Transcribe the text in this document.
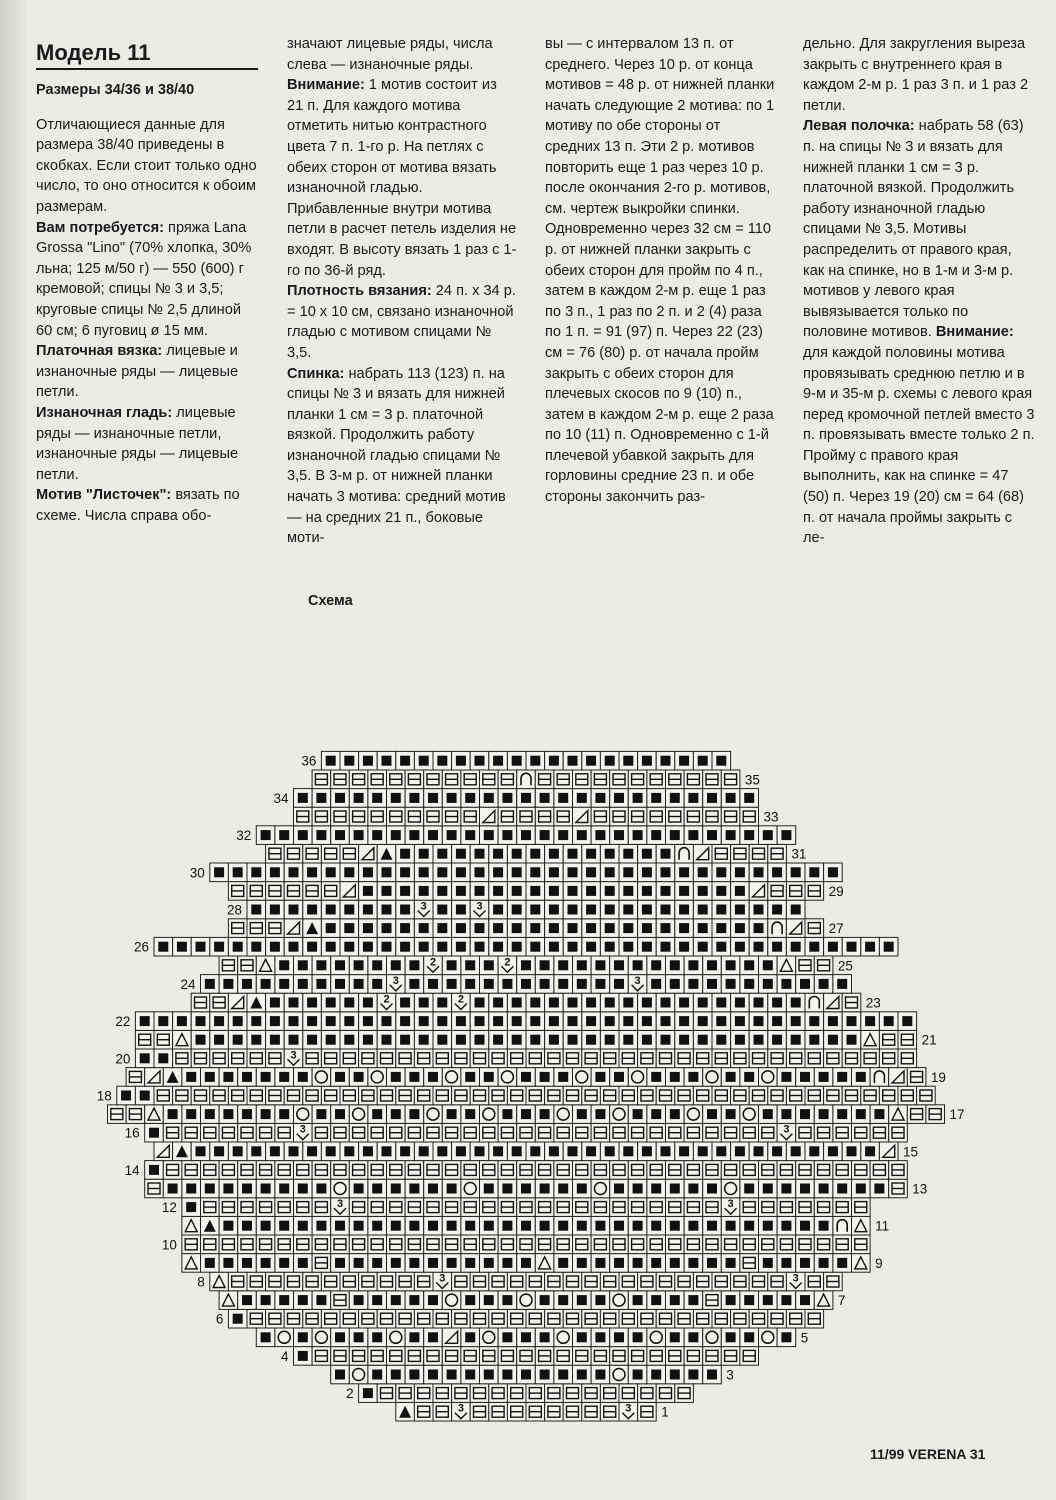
Модель 11
Размеры 34/36 и 38/40

Отличающиеся данные для размера 38/40 приведены в скобках. Если стоит только одно число, то оно относится к обоим размерам.

Вам потребуется: пряжа Lana Grossa "Lino" (70% хлопка, 30% льна; 125 м/50 г) — 550 (600) г кремовой; спицы № 3 и 3,5; круговые спицы № 2,5 длиной 60 см; 6 пуговиц ø 15 мм.

Платочная вязка: лицевые и изнаночные ряды — лицевые петли.

Изнаночная гладь: лицевые ряды — изнаночные петли, изнаночные ряды — лицевые петли.

Мотив "Листочек": вязать по схеме. Числа справа обо-

значают лицевые ряды, числа слева — изнаночные ряды.

Внимание: 1 мотив состоит из 21 п. Для каждого мотива отметить нитью контрастного цвета 7 п. 1-го р. На петлях с обеих сторон от мотива вязать изнаночной гладью. Прибавленные внутри мотива петли в расчет петель изделия не входят. В высоту вязать 1 раз с 1-го по 36-й ряд.

Плотность вязания: 24 п. х 34 р. = 10 х 10 см, связано изнаночной гладью с мотивом спицами № 3,5.

Спинка: набрать 113 (123) п. на спицы № 3 и вязать для нижней планки 1 см = 3 р. платочной вязкой. Продолжить работу изнаночной гладью спицами № 3,5. В 3-м р. от нижней планки начать 3 мотива: средний мотив — на средних 21 п., боковые моти-

вы — с интервалом 13 п. от среднего. Через 10 р. от конца мотивов = 48 р. от нижней планки начать следующие 2 мотива: по 1 мотиву по обе стороны от средних 13 п. Эти 2 р. мотивов повторить еще 1 раз через 10 р. после окончания 2-го р. мотивов, см. чертеж выкройки спинки. Одновременно через 32 см = 110 р. от нижней планки закрыть с обеих сторон для пройм по 4 п., затем в каждом 2-м р. еще 1 раз по 3 п., 1 раз по 2 п. и 2 (4) раза по 1 п. = 91 (97) п. Через 22 (23) см = 76 (80) р. от начала пройм закрыть с обеих сторон для плечевых скосов по 9 (10) п., затем в каждом 2-м р. еще 2 раза по 10 (11) п. Одновременно с 1-й плечевой убавкой закрыть для горловины средние 23 п. и обе стороны закончить раз-

дельно. Для закругления выреза закрыть с внутреннего края в каждом 2-м р. 1 раз 3 п. и 1 раз 2 петли.

Левая полочка: набрать 58 (63) п. на спицы № 3 и вязать для нижней планки 1 см = 3 р. платочной вязкой. Продолжить работу изнаночной гладью спицами № 3,5. Мотивы распределить от правого края, как на спинке, но в 1-м и 3-м р. мотивов у левого края вывязывается только по половине мотивов. Внимание: для каждой половины мотива провязывать среднюю петлю и в 9-м и 35-м р. схемы с левого края перед кромочной петлей вместо 3 п. провязывать вместе только 2 п. Пройму с правого края выполнить, как на спинке = 47 (50) п. Через 19 (20) см = 64 (68) п. от начала проймы закрыть с ле-

Схема
3	3 1
2
3
4
5
6
7
3	3
8
9
10
11
3	3
12
13
14
15
3	3
16
17
18
19
3
20
21
22
2	2	23
3	3
24
2	2	25
26
27
3	3
28
29
30
31
32
33
34
35
36
11/99 VERENA 31
